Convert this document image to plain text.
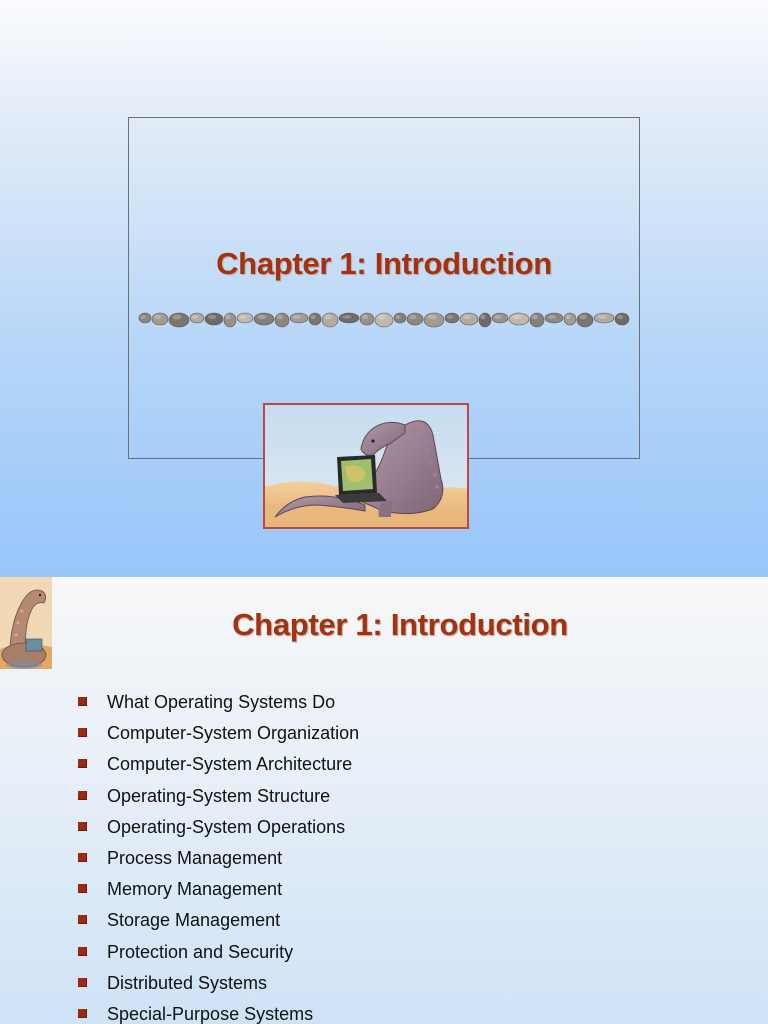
Chapter 1: Introduction
Chapter 1: Introduction
What Operating Systems Do
Computer-System Organization
Computer-System Architecture
Operating-System Structure
Operating-System Operations
Process Management
Memory Management
Storage Management
Protection and Security
Distributed Systems
Special-Purpose Systems
